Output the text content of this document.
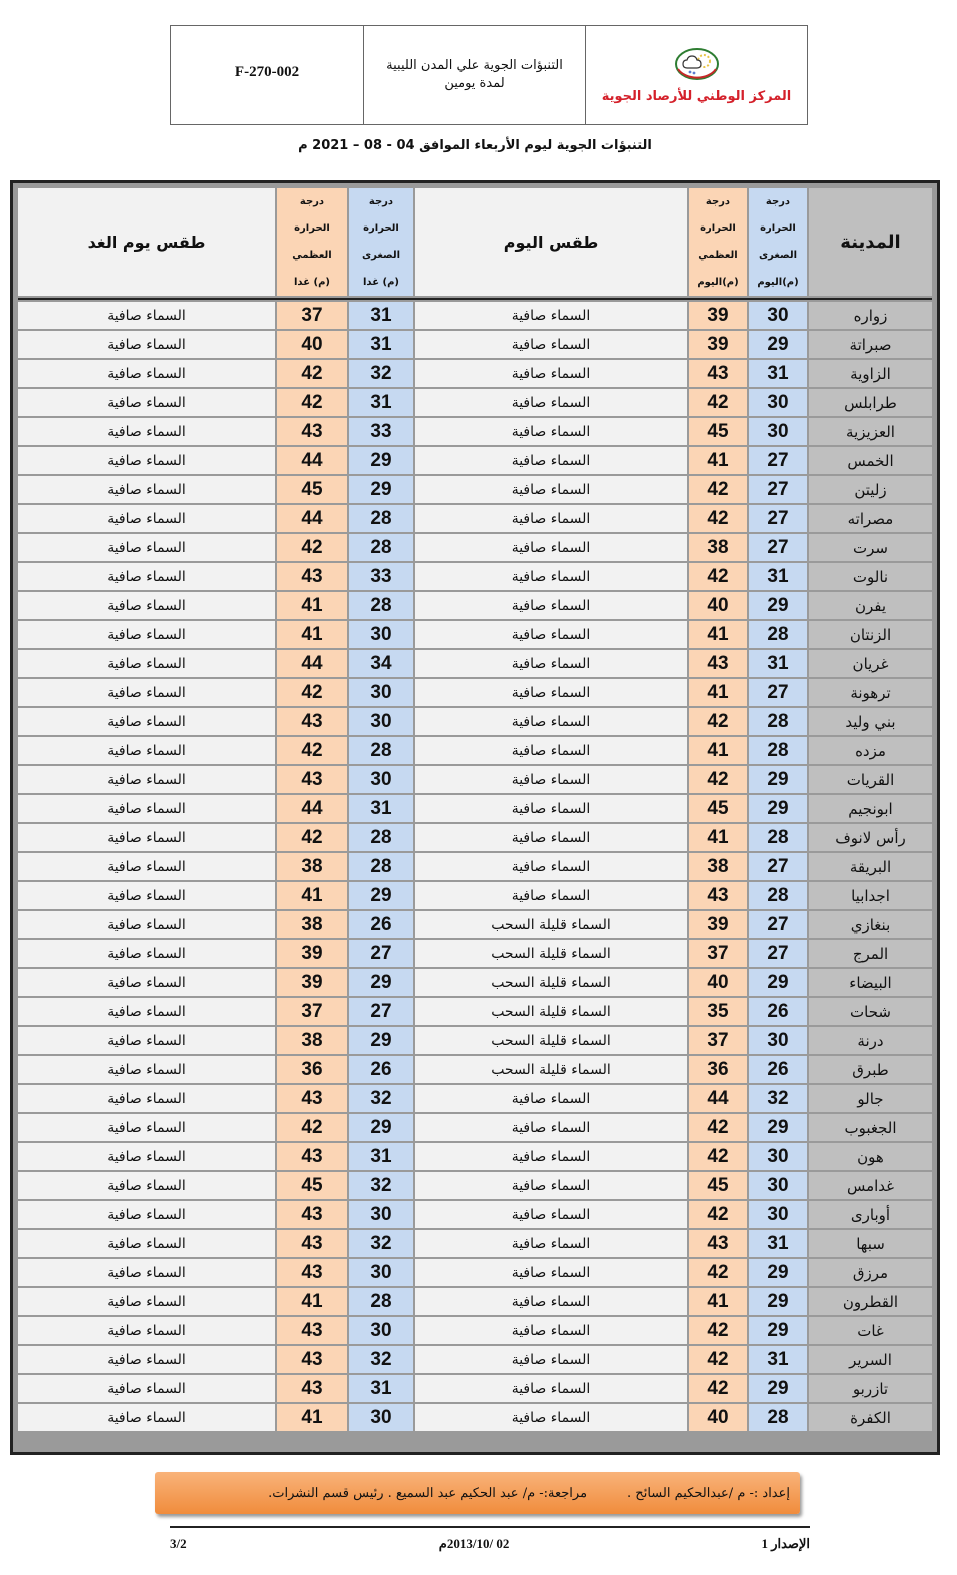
المركز الوطني للأرصاد الجوية
التنبؤات الجوية علي المدن الليبية
لمدة يومين
F-270-002
التنبؤات الجوية ليوم الأربعاء الموافق 04 - 08 – 2021 م
المدينة	
درجة
الحرارة
الصغرى
(م)اليوم

درجة
الحرارة
العظمي
(م)اليوم
	طقس اليوم	
درجة
الحرارة
الصغرى
(م) غدا

درجة
الحرارة
العظمي
(م) غدا
	طقس يوم الغد

زواره	30	39	السماء صافية	31	37	السماء صافية
صبراتة	29	39	السماء صافية	31	40	السماء صافية
الزاوية	31	43	السماء صافية	32	42	السماء صافية
طرابلس	30	42	السماء صافية	31	42	السماء صافية
العزيزية	30	45	السماء صافية	33	43	السماء صافية
الخمس	27	41	السماء صافية	29	44	السماء صافية
زليتن	27	42	السماء صافية	29	45	السماء صافية
مصراته	27	42	السماء صافية	28	44	السماء صافية
سرت	27	38	السماء صافية	28	42	السماء صافية
نالوت	31	42	السماء صافية	33	43	السماء صافية
يفرن	29	40	السماء صافية	28	41	السماء صافية
الزنتان	28	41	السماء صافية	30	41	السماء صافية
غريان	31	43	السماء صافية	34	44	السماء صافية
ترهونة	27	41	السماء صافية	30	42	السماء صافية
بني وليد	28	42	السماء صافية	30	43	السماء صافية
مزده	28	41	السماء صافية	28	42	السماء صافية
القريات	29	42	السماء صافية	30	43	السماء صافية
ابونجيم	29	45	السماء صافية	31	44	السماء صافية
رأس لانوف	28	41	السماء صافية	28	42	السماء صافية
البريقة	27	38	السماء صافية	28	38	السماء صافية
اجدابيا	28	43	السماء صافية	29	41	السماء صافية
بنغازي	27	39	السماء قليلة السحب	26	38	السماء صافية
المرج	27	37	السماء قليلة السحب	27	39	السماء صافية
البيضاء	29	40	السماء قليلة السحب	29	39	السماء صافية
شحات	26	35	السماء قليلة السحب	27	37	السماء صافية
درنة	30	37	السماء قليلة السحب	29	38	السماء صافية
طبرق	26	36	السماء قليلة السحب	26	36	السماء صافية
جالو	32	44	السماء صافية	32	43	السماء صافية
الجغبوب	29	42	السماء صافية	29	42	السماء صافية
هون	30	42	السماء صافية	31	43	السماء صافية
غدامس	30	45	السماء صافية	32	45	السماء صافية
أوبارى	30	42	السماء صافية	30	43	السماء صافية
سبها	31	43	السماء صافية	32	43	السماء صافية
مرزق	29	42	السماء صافية	30	43	السماء صافية
القطرون	29	41	السماء صافية	28	41	السماء صافية
غات	29	42	السماء صافية	30	43	السماء صافية
السرير	31	42	السماء صافية	32	43	السماء صافية
تازربو	29	42	السماء صافية	31	43	السماء صافية
الكفرة	28	40	السماء صافية	30	41	السماء صافية
إعداد :- م /عبدالحكيم السائح .
مراجعة:- م/ عبد الحكيم عبد السميع . رئيس قسم النشرات.
الإصدار 1
02 /2013/10م
3/2
